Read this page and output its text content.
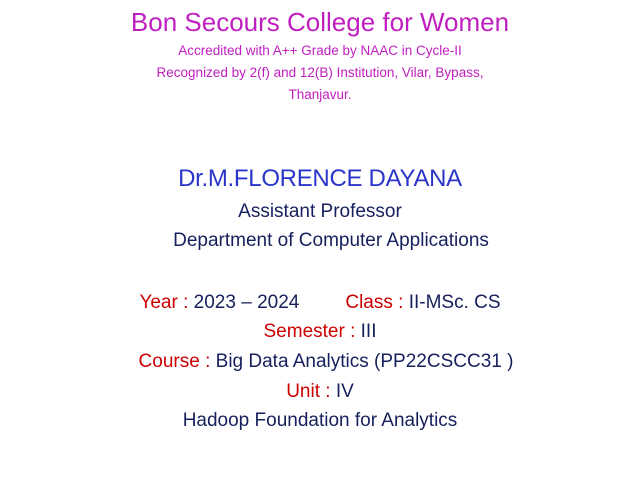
Bon Secours College for Women
Accredited with A++ Grade by NAAC in Cycle-II
Recognized by 2(f) and 12(B) Institution, Vilar, Bypass,
Thanjavur.
Dr.M.FLORENCE DAYANA
Assistant Professor
Department of Computer Applications
Year : 2023 – 2024 Class : II-MSc. CS
Semester : III
Course : Big Data Analytics (PP22CSCC31 )
Unit : IV
Hadoop Foundation for Analytics
